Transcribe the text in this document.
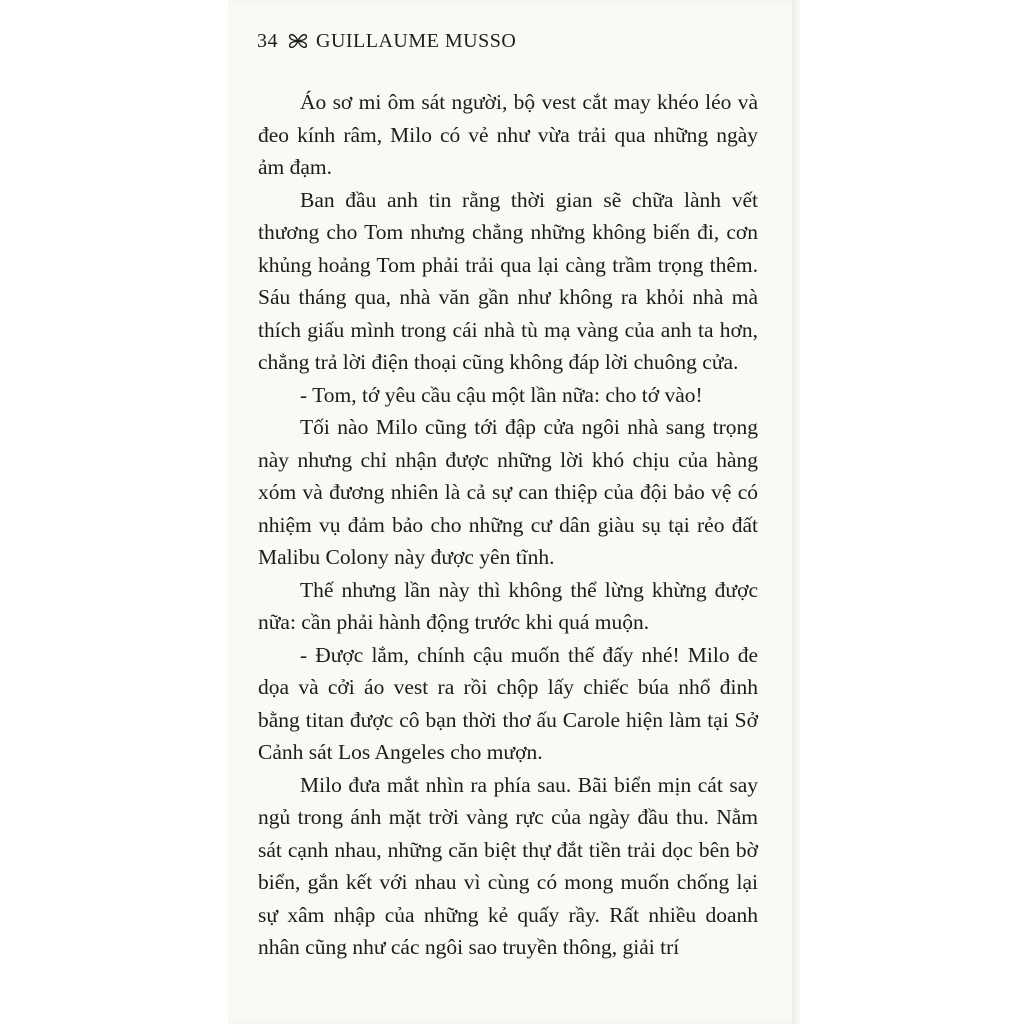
34 GUILLAUME MUSSO

Áo sơ mi ôm sát người, bộ vest cắt may khéo léo và đeo kính râm, Milo có vẻ như vừa trải qua những ngày ảm đạm.

Ban đầu anh tin rằng thời gian sẽ chữa lành vết thương cho Tom nhưng chẳng những không biến đi, cơn khủng hoảng Tom phải trải qua lại càng trầm trọng thêm. Sáu tháng qua, nhà văn gần như không ra khỏi nhà mà thích giấu mình trong cái nhà tù mạ vàng của anh ta hơn, chẳng trả lời điện thoại cũng không đáp lời chuông cửa.

- Tom, tớ yêu cầu cậu một lần nữa: cho tớ vào!

Tối nào Milo cũng tới đập cửa ngôi nhà sang trọng này nhưng chỉ nhận được những lời khó chịu của hàng xóm và đương nhiên là cả sự can thiệp của đội bảo vệ có nhiệm vụ đảm bảo cho những cư dân giàu sụ tại rẻo đất Malibu Colony này được yên tĩnh.

Thế nhưng lần này thì không thể lừng khừng được nữa: cần phải hành động trước khi quá muộn.

- Được lắm, chính cậu muốn thế đấy nhé! Milo đe dọa và cởi áo vest ra rồi chộp lấy chiếc búa nhổ đinh bằng titan được cô bạn thời thơ ấu Carole hiện làm tại Sở Cảnh sát Los Angeles cho mượn.

Milo đưa mắt nhìn ra phía sau. Bãi biển mịn cát say ngủ trong ánh mặt trời vàng rực của ngày đầu thu. Nằm sát cạnh nhau, những căn biệt thự đắt tiền trải dọc bên bờ biển, gắn kết với nhau vì cùng có mong muốn chống lại sự xâm nhập của những kẻ quấy rầy. Rất nhiều doanh nhân cũng như các ngôi sao truyền thông, giải trí
